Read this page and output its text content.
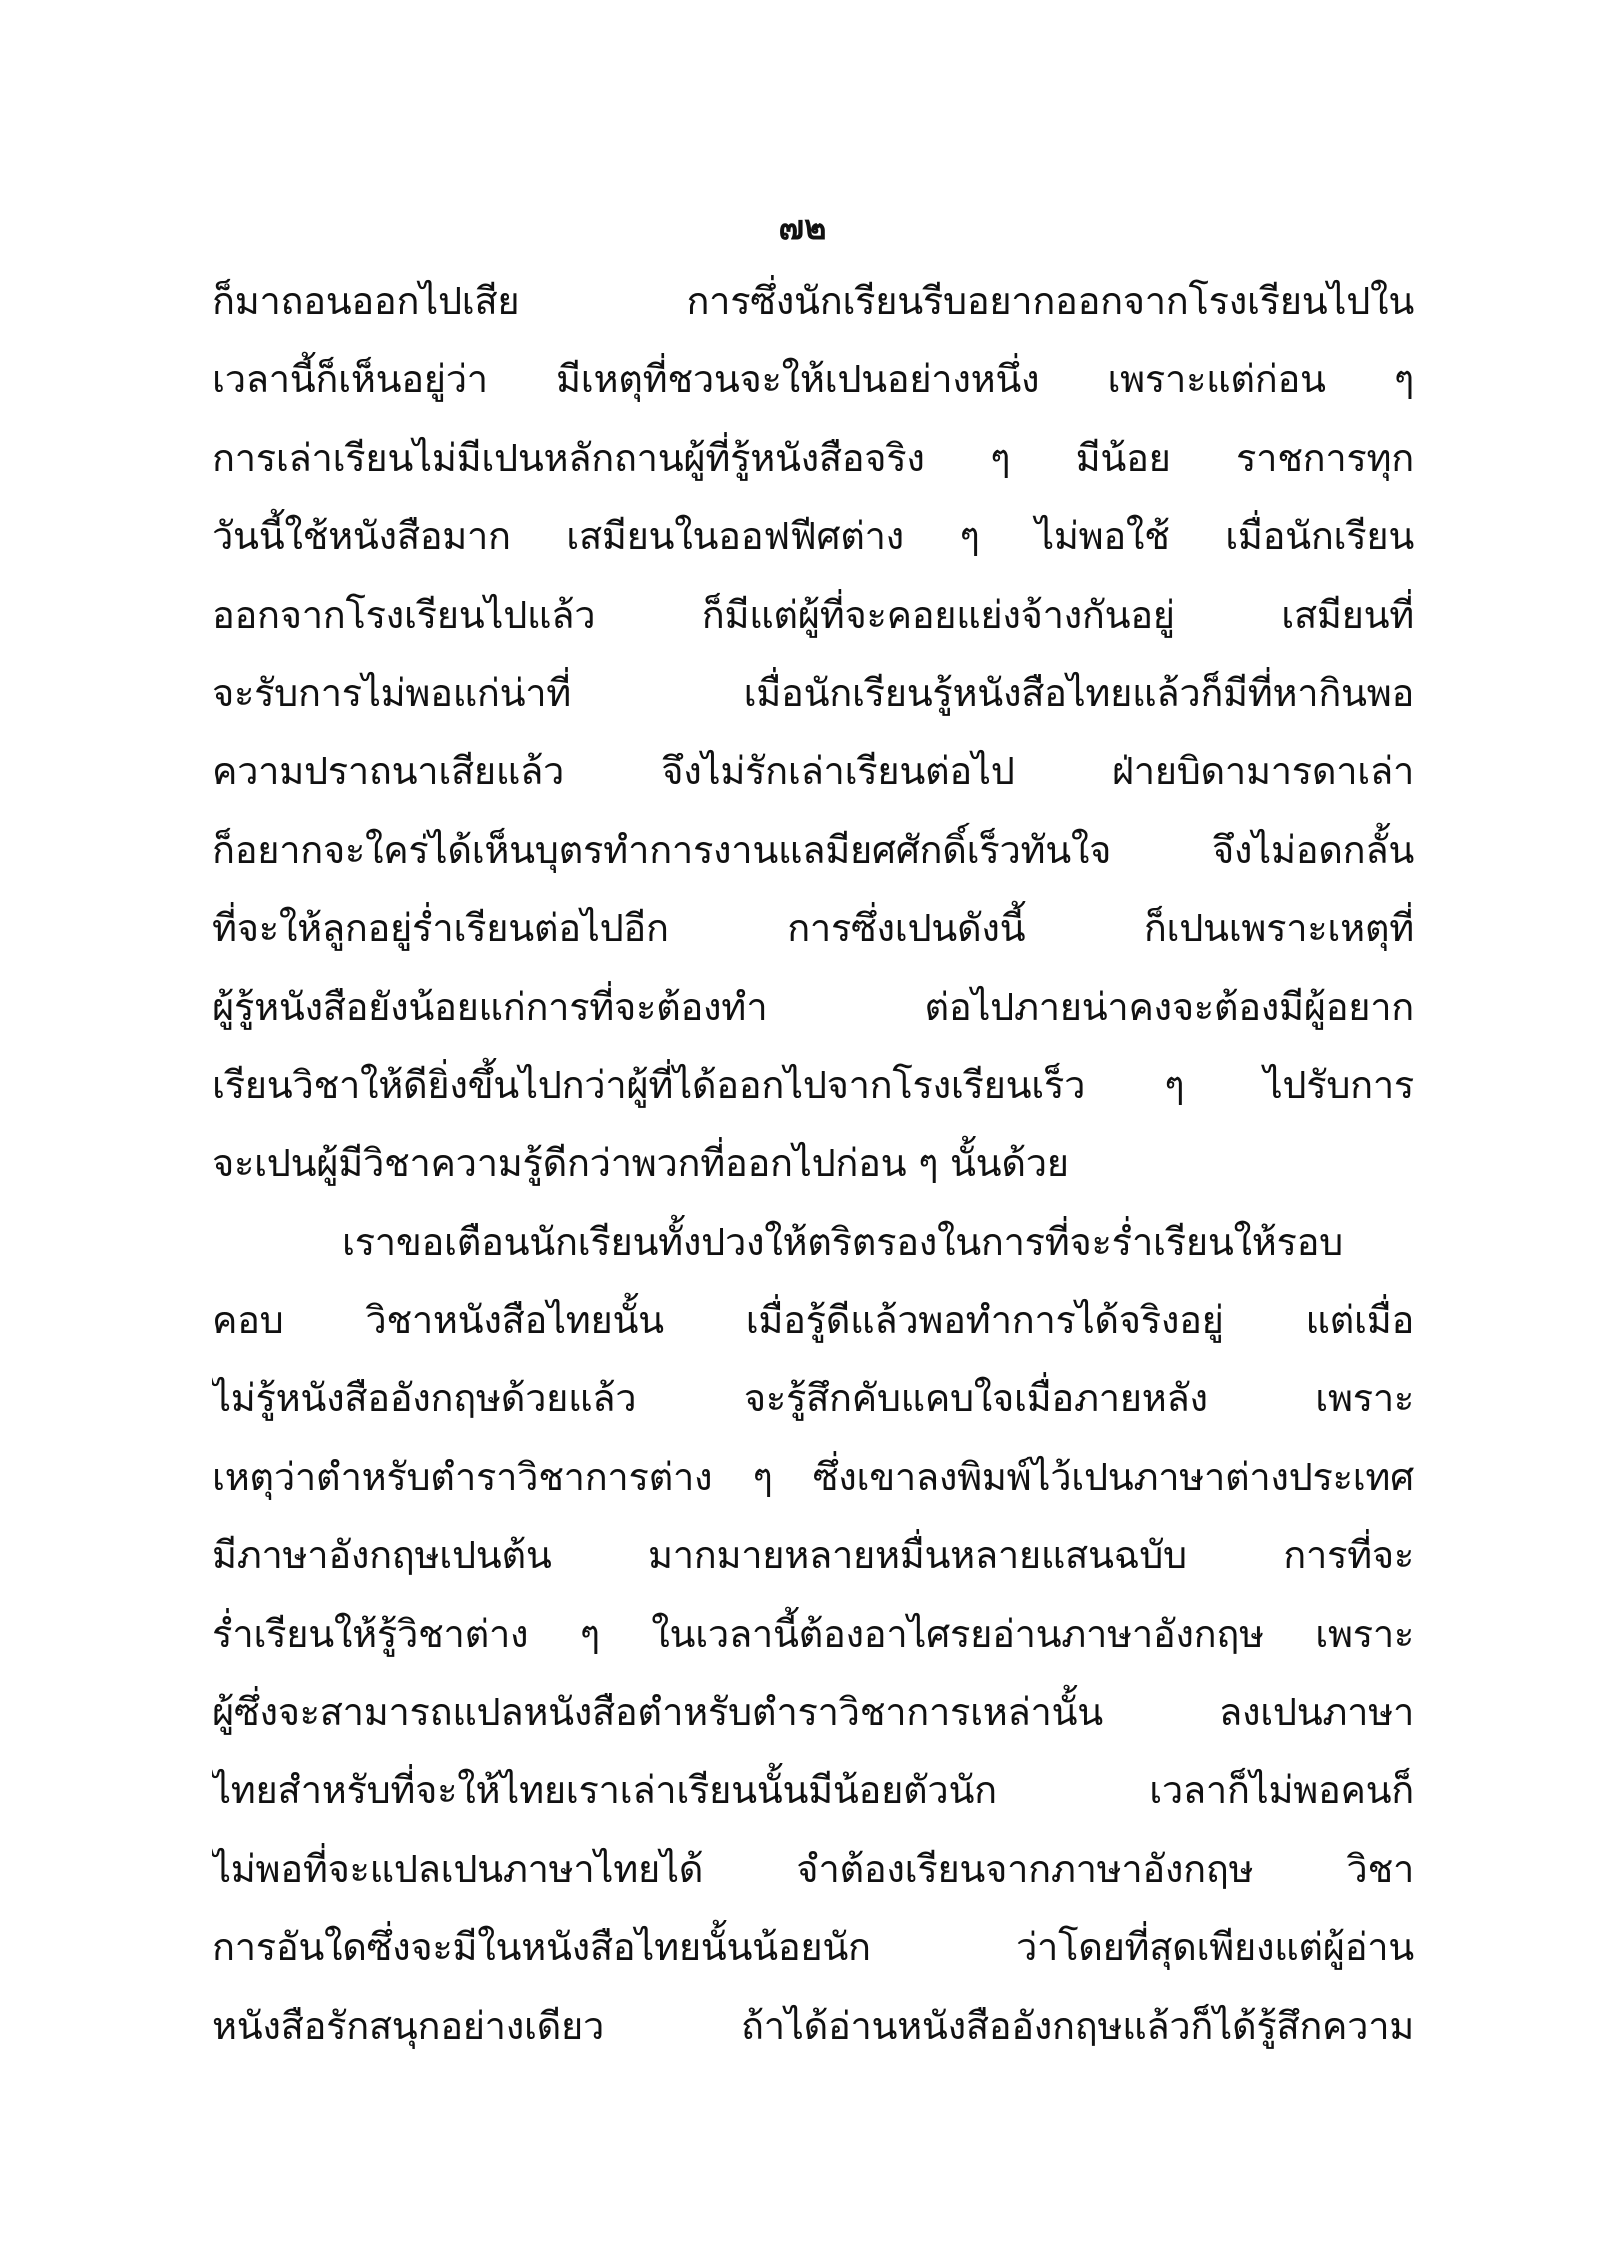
๗๒
ก็มาถอนออกไปเสีย การซึ่งนักเรียนรีบอยากออกจากโรงเรียนไปใน
เวลานี้ก็เห็นอยู่ว่า มีเหตุที่ชวนจะให้เปนอย่างหนึ่ง เพราะแต่ก่อน ๆ
การเล่าเรียนไม่มีเปนหลักถานผู้ที่รู้หนังสือจริง ๆ มีน้อย ราชการทุก
วันนี้ใช้หนังสือมาก เสมียนในออฟฟีศต่าง ๆ ไม่พอใช้ เมื่อนักเรียน
ออกจากโรงเรียนไปแล้ว ก็มีแต่ผู้ที่จะคอยแย่งจ้างกันอยู่ เสมียนที่
จะรับการไม่พอแก่น่าที่ เมื่อนักเรียนรู้หนังสือไทยแล้วก็มีที่หากินพอ
ความปราถนาเสียแล้ว จึงไม่รักเล่าเรียนต่อไป ฝ่ายบิดามารดาเล่า
ก็อยากจะใคร่ได้เห็นบุตรทำการงานแลมียศศักดิ์เร็วทันใจ จึงไม่อดกลั้น
ที่จะให้ลูกอยู่ร่ำเรียนต่อไปอีก การซึ่งเปนดังนี้ ก็เปนเพราะเหตุที่
ผู้รู้หนังสือยังน้อยแก่การที่จะต้องทำ ต่อไปภายน่าคงจะต้องมีผู้อยาก
เรียนวิชาให้ดียิ่งขึ้นไปกว่าผู้ที่ได้ออกไปจากโรงเรียนเร็ว ๆ ไปรับการ
จะเปนผู้มีวิชาความรู้ดีกว่าพวกที่ออกไปก่อน ๆ นั้นด้วย
เราขอเตือนนักเรียนทั้งปวงให้ตริตรองในการที่จะร่ำเรียนให้รอบ
คอบ วิชาหนังสือไทยนั้น เมื่อรู้ดีแล้วพอทำการได้จริงอยู่ แต่เมื่อ
ไม่รู้หนังสืออังกฤษด้วยแล้ว จะรู้สึกคับแคบใจเมื่อภายหลัง เพราะ
เหตุว่าตำหรับตำราวิชาการต่าง ๆ ซึ่งเขาลงพิมพ์ไว้เปนภาษาต่างประเทศ
มีภาษาอังกฤษเปนต้น มากมายหลายหมื่นหลายแสนฉบับ การที่จะ
ร่ำเรียนให้รู้วิชาต่าง ๆ ในเวลานี้ต้องอาไศรยอ่านภาษาอังกฤษ เพราะ
ผู้ซึ่งจะสามารถแปลหนังสือตำหรับตำราวิชาการเหล่านั้น ลงเปนภาษา
ไทยสำหรับที่จะให้ไทยเราเล่าเรียนนั้นมีน้อยตัวนัก เวลาก็ไม่พอคนก็
ไม่พอที่จะแปลเปนภาษาไทยได้ จำต้องเรียนจากภาษาอังกฤษ วิชา
การอันใดซึ่งจะมีในหนังสือไทยนั้นน้อยนัก ว่าโดยที่สุดเพียงแต่ผู้อ่าน
หนังสือรักสนุกอย่างเดียว ถ้าได้อ่านหนังสืออังกฤษแล้วก็ได้รู้สึกความ
